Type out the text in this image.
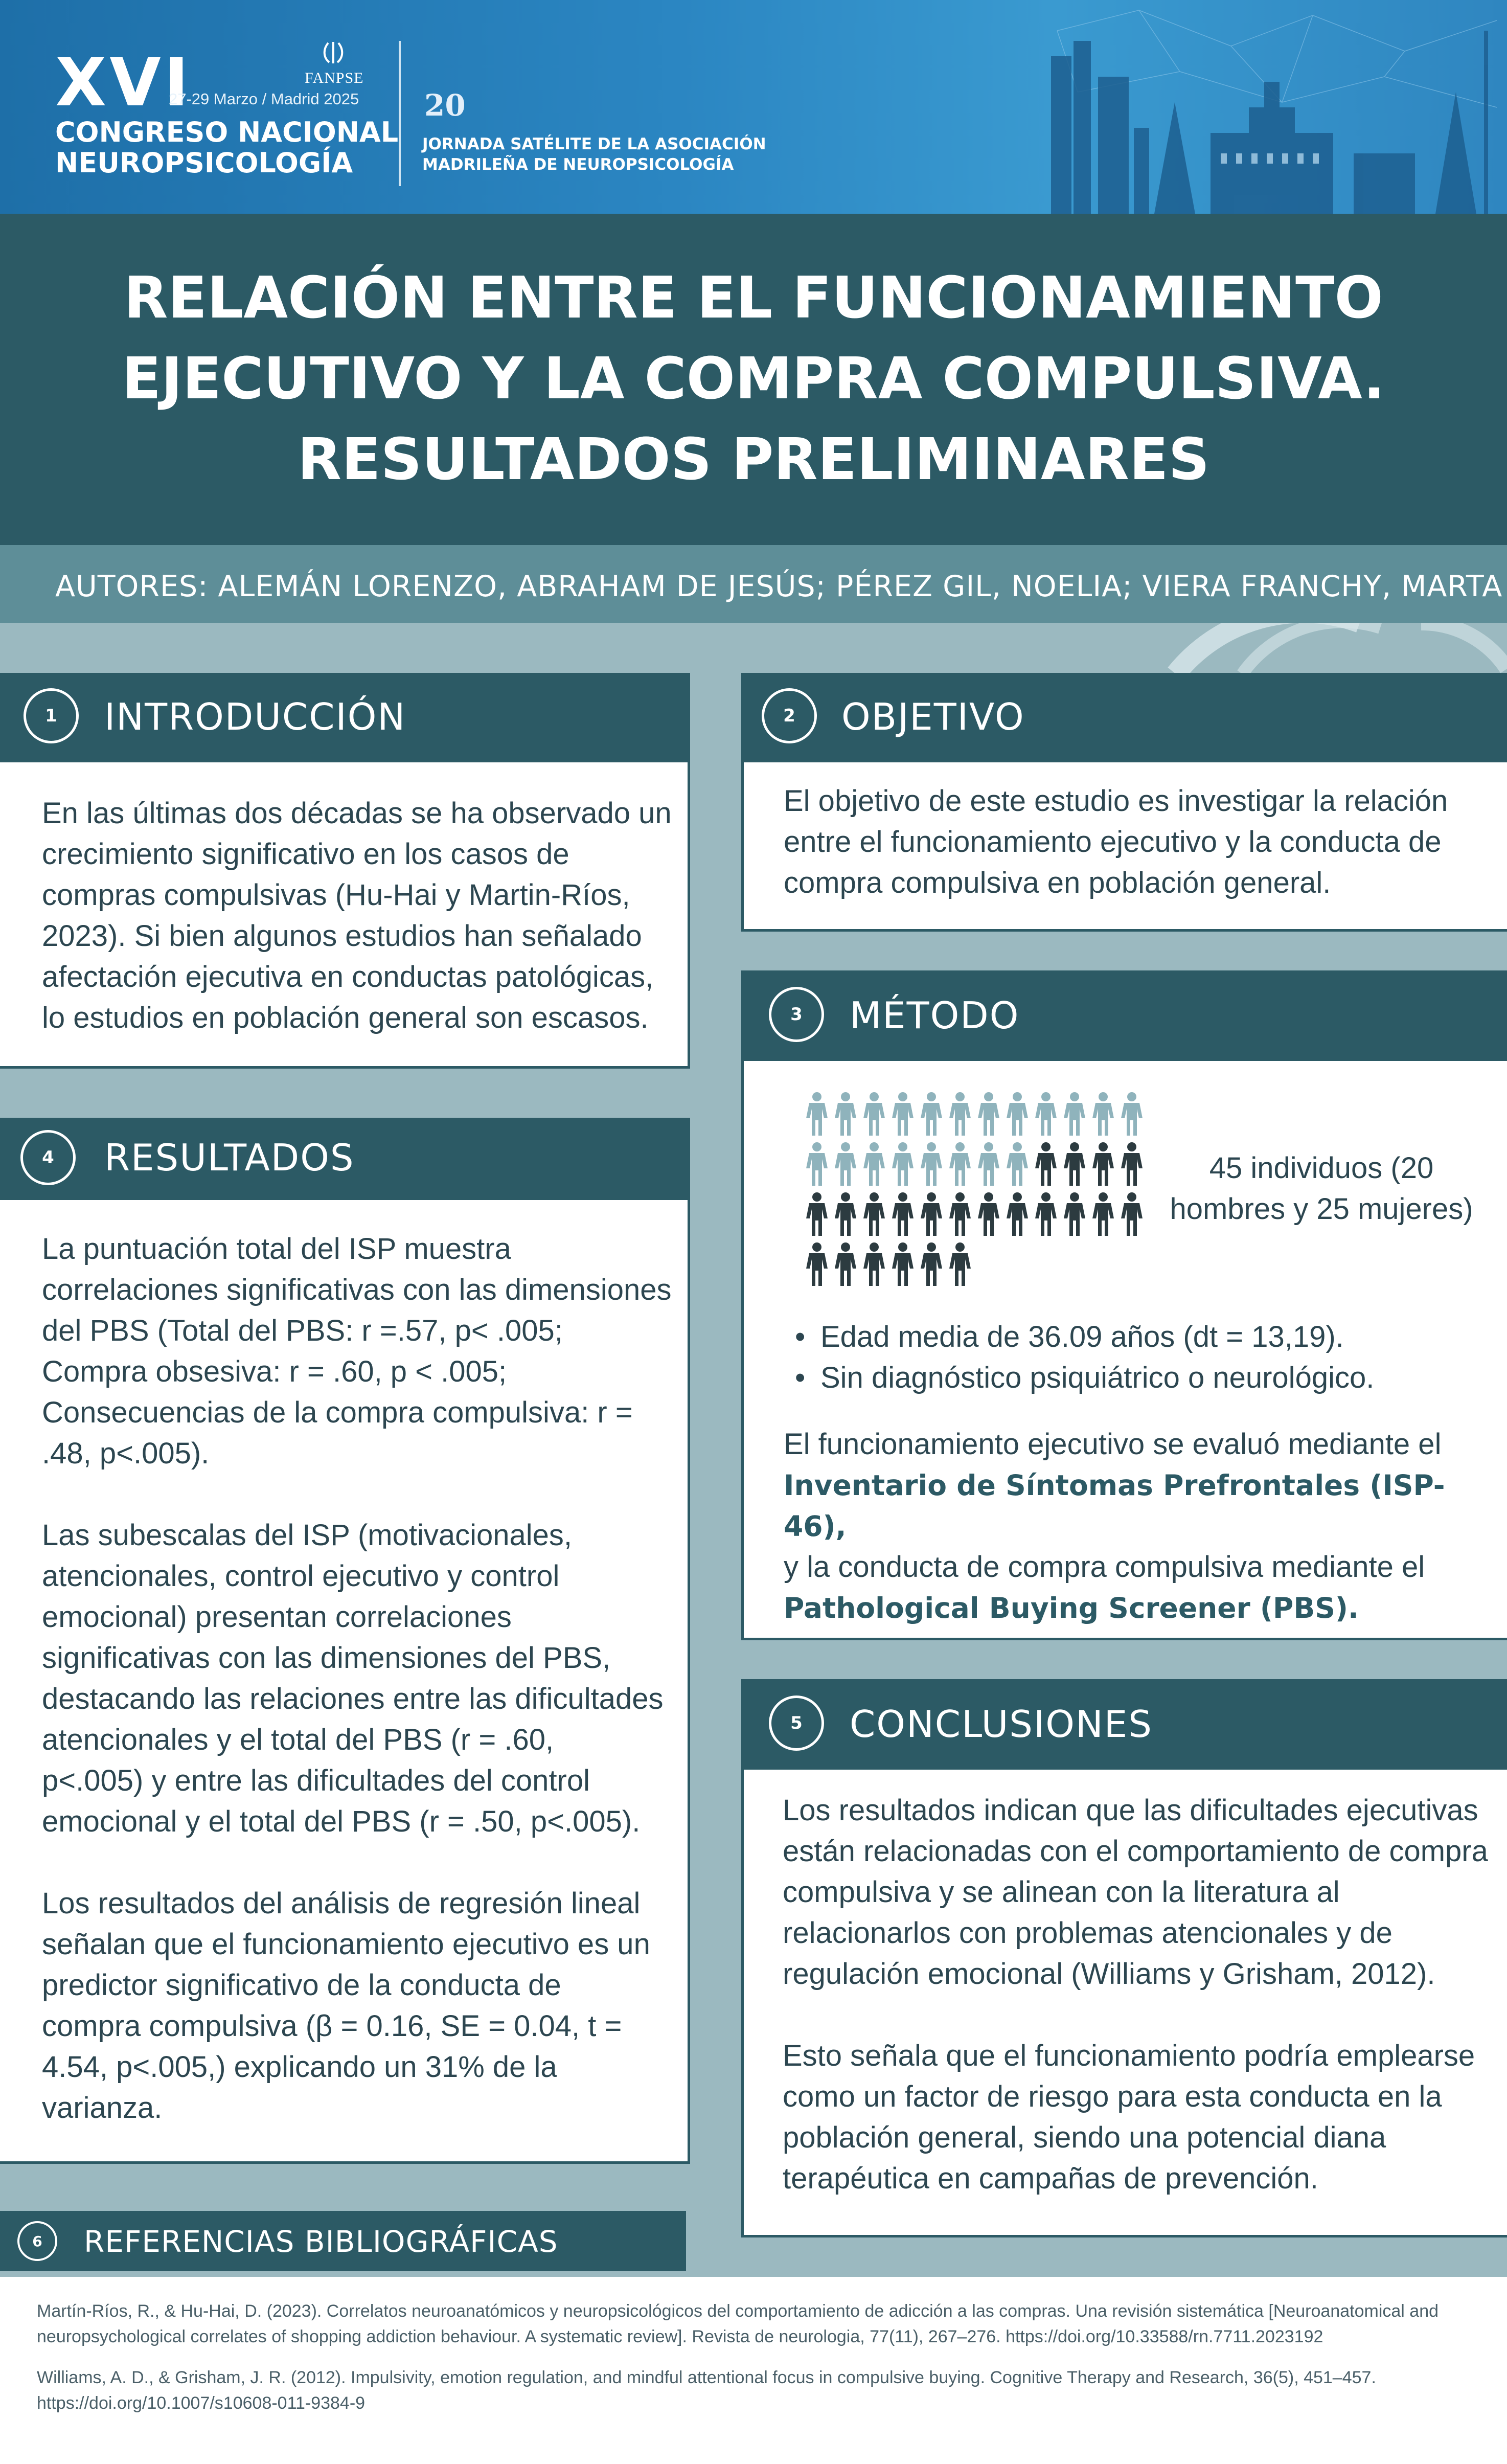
XVI
27-29 Marzo / Madrid 2025
FANPSE
CONGRESO NACIONAL
NEUROPSICOLOGÍA
20
JORNADA SATÉLITE DE LA ASOCIACIÓN
MADRILEÑA DE NEUROPSICOLOGÍA
RELACIÓN ENTRE EL FUNCIONAMIENTO
EJECUTIVO Y LA COMPRA COMPULSIVA.
RESULTADOS PRELIMINARES
AUTORES: ALEMÁN LORENZO, ABRAHAM DE JESÚS; PÉREZ GIL, NOELIA; VIERA FRANCHY, MARTA
1	INTRODUCCIÓN
En las últimas dos décadas se ha observado un
crecimiento significativo en los casos de
compras compulsivas (Hu-Hai y Martin-Ríos,
2023). Si bien algunos estudios han señalado
afectación ejecutiva en conductas patológicas,
lo estudios en población general son escasos.
2	OBJETIVO
El objetivo de este estudio es investigar la relación
entre el funcionamiento ejecutivo y la conducta de
compra compulsiva en población general.
3	MÉTODO
45 individuos (20
hombres y 25 mujeres)
• Edad media de 36.09 años (dt = 13,19).
• Sin diagnóstico psiquiátrico o neurológico.
El funcionamiento ejecutivo se evaluó mediante el
Inventario de Síntomas Prefrontales (ISP-46),
y la conducta de compra compulsiva mediante el
Pathological Buying Screener (PBS).
4	RESULTADOS
La puntuación total del ISP muestra
correlaciones significativas con las dimensiones
del PBS (Total del PBS: r =.57, p< .005;
Compra obsesiva: r = .60, p < .005;
Consecuencias de la compra compulsiva: r =
.48, p<.005).
Las subescalas del ISP (motivacionales,
atencionales, control ejecutivo y control
emocional) presentan correlaciones
significativas con las dimensiones del PBS,
destacando las relaciones entre las dificultades
atencionales y el total del PBS (r = .60,
p<.005) y entre las dificultades del control
emocional y el total del PBS (r = .50, p<.005).
Los resultados del análisis de regresión lineal
señalan que el funcionamiento ejecutivo es un
predictor significativo de la conducta de
compra compulsiva (β = 0.16, SE = 0.04, t =
4.54, p<.005,) explicando un 31% de la
varianza.
5	CONCLUSIONES
Los resultados indican que las dificultades ejecutivas
están relacionadas con el comportamiento de compra
compulsiva y se alinean con la literatura al
relacionarlos con problemas atencionales y de
regulación emocional (Williams y Grisham, 2012).
Esto señala que el funcionamiento podría emplearse
como un factor de riesgo para esta conducta en la
población general, siendo una potencial diana
terapéutica en campañas de prevención.
6	REFERENCIAS BIBLIOGRÁFICAS
Martín-Ríos, R., & Hu-Hai, D. (2023). Correlatos neuroanatómicos y neuropsicológicos del comportamiento de adicción a las compras. Una revisión sistemática [Neuroanatomical and
neuropsychological correlates of shopping addiction behaviour. A systematic review]. Revista de neurologia, 77(11), 267–276. https://doi.org/10.33588/rn.7711.2023192
Williams, A. D., & Grisham, J. R. (2012). Impulsivity, emotion regulation, and mindful attentional focus in compulsive buying. Cognitive Therapy and Research, 36(5), 451–457.
https://doi.org/10.1007/s10608-011-9384-9
